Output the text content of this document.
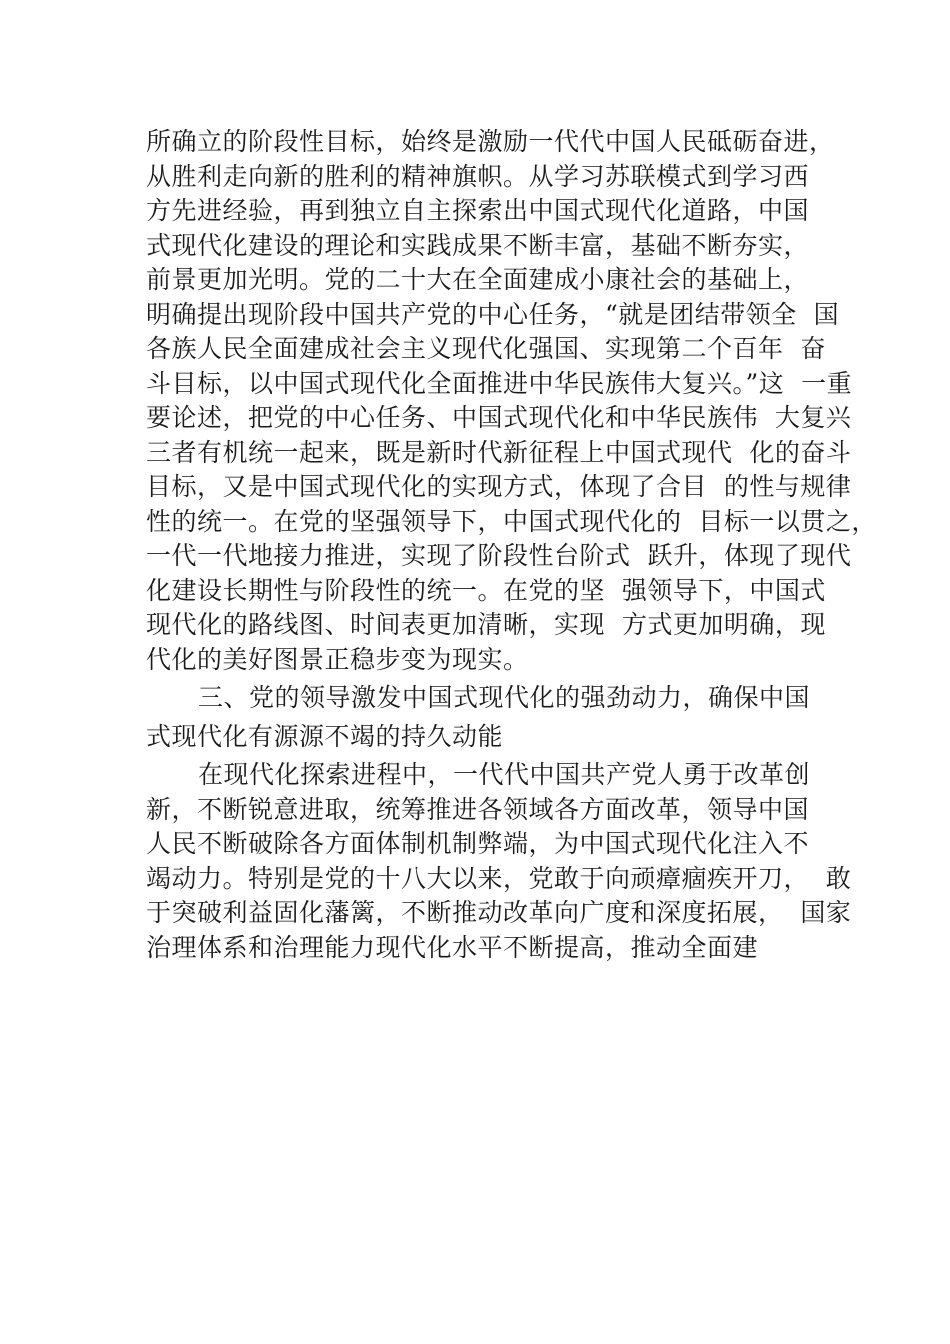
所确立的阶段性目标，始终是激励一代代中国人民砥砺奋进，
从胜利走向新的胜利的精神旗帜。从学习苏联模式到学习西
方先进经验，再到独立自主探索出中国式现代化道路，中国
式现代化建设的理论和实践成果不断丰富，基础不断夯实，
前景更加光明。党的二十大在全面建成小康社会的基础上，
明确提出现阶段中国共产党的中心任务，“就是团结带领全  国
各族人民全面建成社会主义现代化强国、实现第二个百年  奋
斗目标，以中国式现代化全面推进中华民族伟大复兴。”这  一重
要论述，把党的中心任务、中国式现代化和中华民族伟  大复兴
三者有机统一起来，既是新时代新征程上中国式现代  化的奋斗
目标，又是中国式现代化的实现方式，体现了合目  的性与规律
性的统一。在党的坚强领导下，中国式现代化的  目标一以贯之，
一代一代地接力推进，实现了阶段性台阶式  跃升，体现了现代
化建设长期性与阶段性的统一。在党的坚  强领导下，中国式
现代化的路线图、时间表更加清晰，实现  方式更加明确，现
代化的美好图景正稳步变为现实。
三、党的领导激发中国式现代化的强劲动力，确保中国
式现代化有源源不竭的持久动能
在现代化探索进程中，一代代中国共产党人勇于改革创
新，不断锐意进取，统筹推进各领域各方面改革，领导中国
人民不断破除各方面体制机制弊端，为中国式现代化注入不
竭动力。特别是党的十八大以来，党敢于向顽瘴痼疾开刀，  敢
于突破利益固化藩篱，不断推动改革向广度和深度拓展，  国家
治理体系和治理能力现代化水平不断提高，推动全面建
